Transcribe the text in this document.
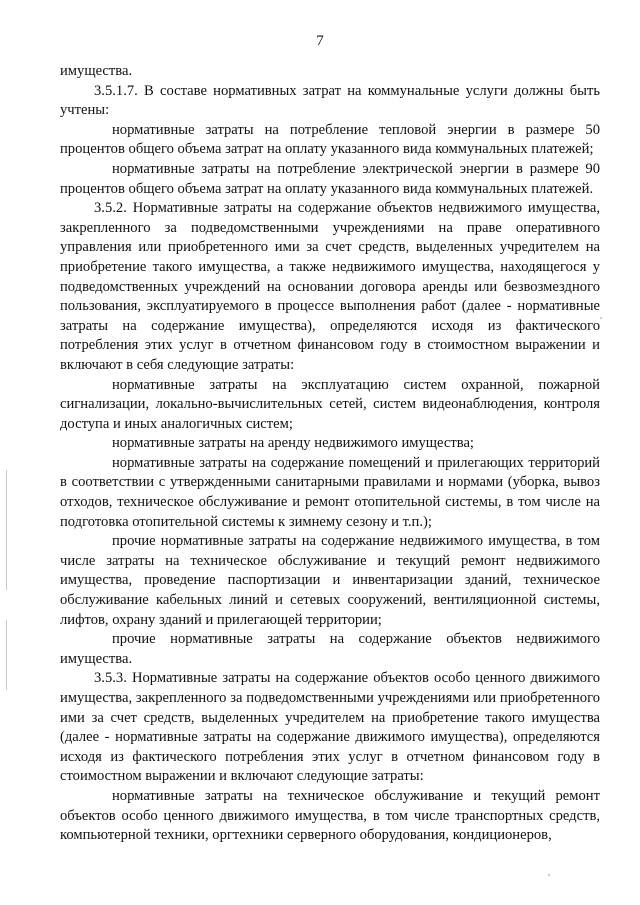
7

имущества.

3.5.1.7. В составе нормативных затрат на коммунальные услуги должны быть учтены:

нормативные затраты на потребление тепловой энергии в размере 50 процентов общего объема затрат на оплату указанного вида коммунальных платежей;

нормативные затраты на потребление электрической энергии в размере 90 процентов общего объема затрат на оплату указанного вида коммунальных платежей.

3.5.2. Нормативные затраты на содержание объектов недвижимого имущества, закрепленного за подведомственными учреждениями на праве оперативного управления или приобретенного ими за счет средств, выделенных учредителем на приобретение такого имущества, а также недвижимого имущества, находящегося у подведомственных учреждений на основании договора аренды или безвозмездного пользования, эксплуатируемого в процессе выполнения работ (далее - нормативные затраты на содержание имущества), определяются исходя из фактического потребления этих услуг в отчетном финансовом году в стоимостном выражении и включают в себя следующие затраты:

нормативные затраты на эксплуатацию систем охранной, пожарной сигнализации, локально-вычислительных сетей, систем видеонаблюдения, контроля доступа и иных аналогичных систем;

нормативные затраты на аренду недвижимого имущества;

нормативные затраты на содержание помещений и прилегающих территорий в соответствии с утвержденными санитарными правилами и нормами (уборка, вывоз отходов, техническое обслуживание и ремонт отопительной системы, в том числе на подготовка отопительной системы к зимнему сезону и т.п.);

прочие нормативные затраты на содержание недвижимого имущества, в том числе затраты на техническое обслуживание и текущий ремонт недвижимого имущества, проведение паспортизации и инвентаризации зданий, техническое обслуживание кабельных линий и сетевых сооружений, вентиляционной системы, лифтов, охрану зданий и прилегающей территории;

прочие нормативные затраты на содержание объектов недвижимого имущества.

3.5.3. Нормативные затраты на содержание объектов особо ценного движимого имущества, закрепленного за подведомственными учреждениями или приобретенного ими за счет средств, выделенных учредителем на приобретение такого имущества (далее - нормативные затраты на содержание движимого имущества), определяются исходя из фактического потребления этих услуг в отчетном финансовом году в стоимостном выражении и включают следующие затраты:

нормативные затраты на техническое обслуживание и текущий ремонт объектов особо ценного движимого имущества, в том числе транспортных средств, компьютерной техники, оргтехники серверного оборудования, кондиционеров,
